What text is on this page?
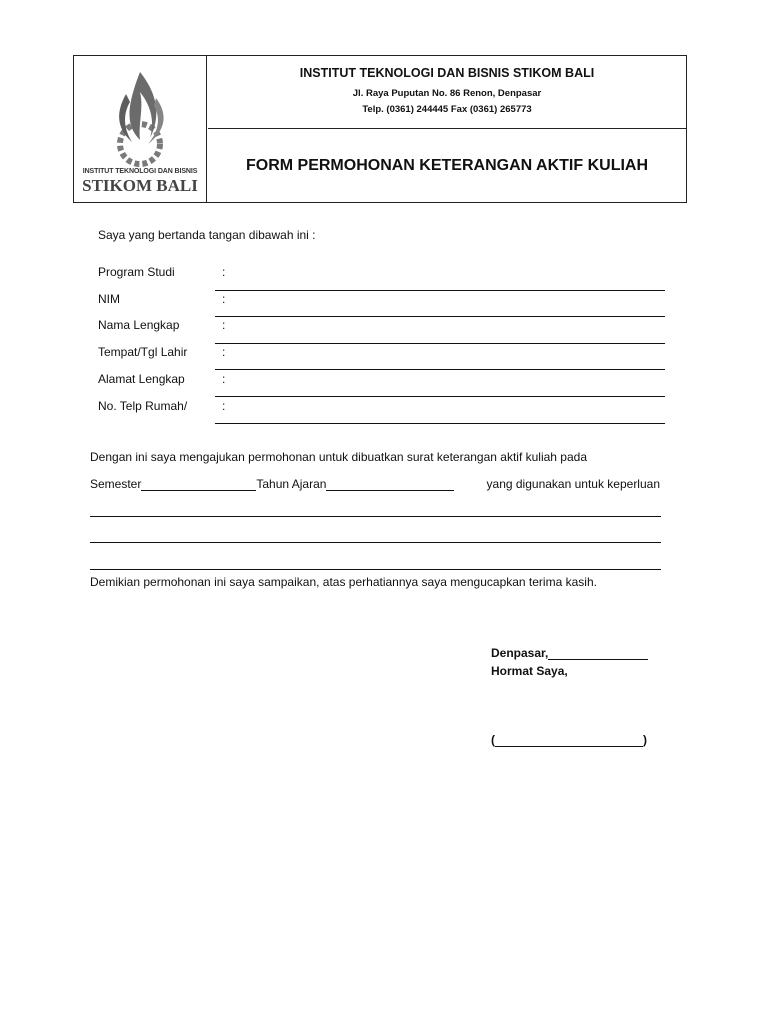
INSTITUT TEKNOLOGI DAN BISNIS
STIKOM BALI
INSTITUT TEKNOLOGI DAN BISNIS STIKOM BALI
Jl. Raya Puputan No. 86 Renon, Denpasar
Telp. (0361) 244445 Fax (0361) 265773
FORM PERMOHONAN KETERANGAN AKTIF KULIAH
Saya yang bertanda tangan dibawah ini :
Program Studi	:
NIM	:
Nama Lengkap	:
Tempat/Tgl Lahir	:
Alamat Lengkap	:
No. Telp Rumah/	:
Dengan ini saya mengajukan permohonan untuk dibuatkan surat keterangan aktif kuliah pada
Semester	Tahun Ajaran	yang digunakan untuk keperluan
Demikian permohonan ini saya sampaikan, atas perhatiannya saya mengucapkan terima kasih.
Denpasar,
Hormat Saya,
(	)
